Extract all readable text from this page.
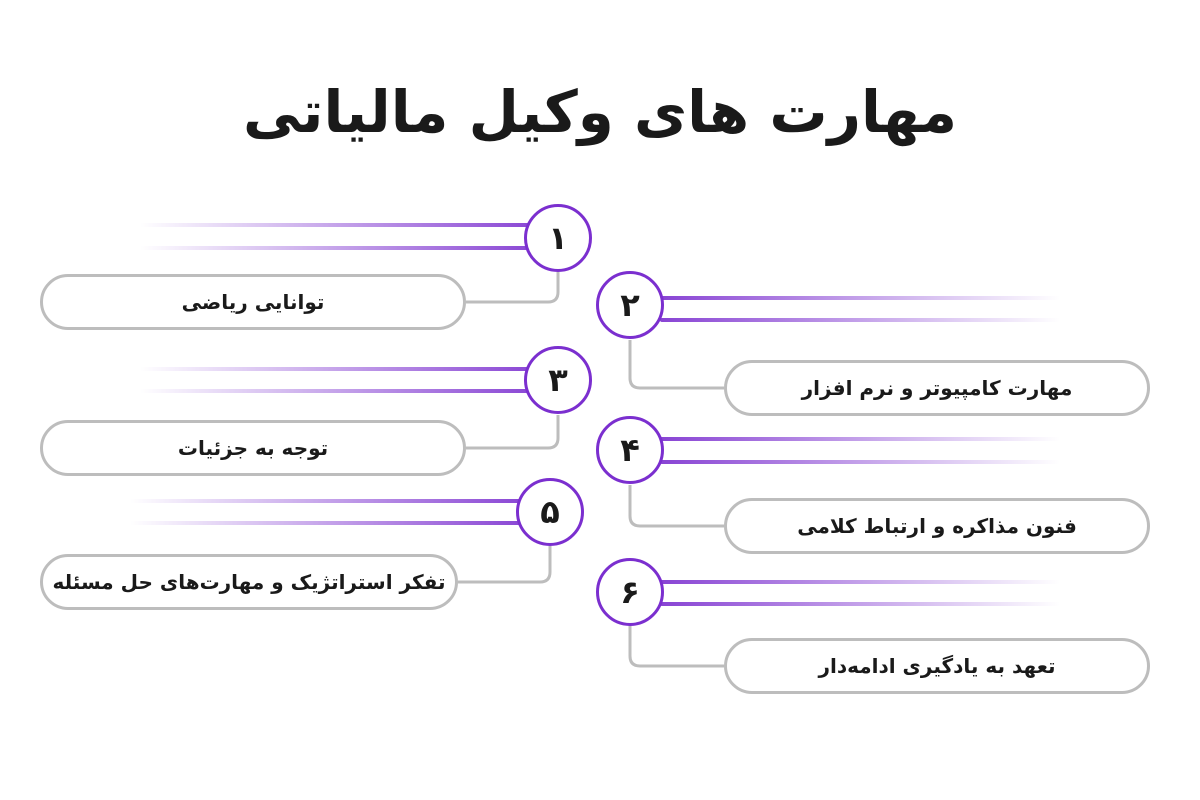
مهارت های وکیل مالیاتی
۱
۲
۳
۴
۵
۶
توانایی ریاضی
مهارت کامپیوتر و نرم افزار
توجه به جزئیات
فنون مذاکره و ارتباط کلامی
تفکر استراتژیک و مهارت‌های حل مسئله
تعهد به یادگیری ادامه‌دار
